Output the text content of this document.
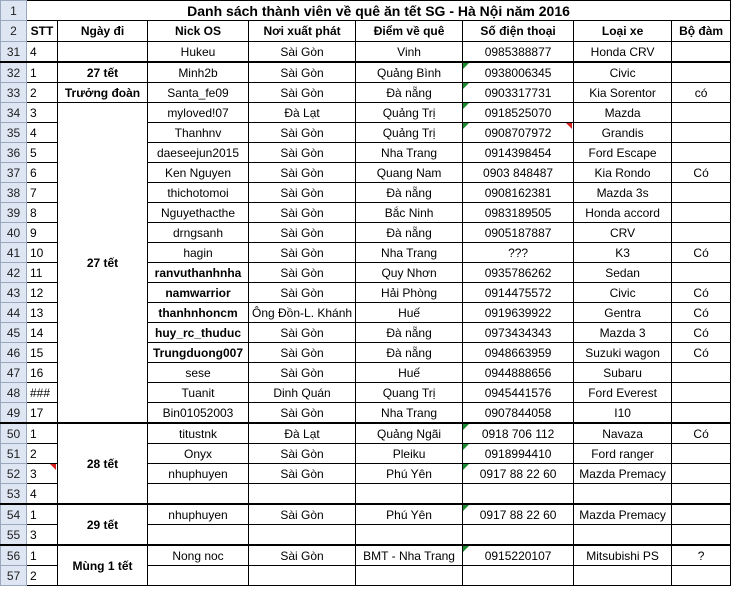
1	Danh sách thành viên về quê ăn tết SG - Hà Nội năm 2016							
2	STT	Ngày đi	Nick OS	Nơi xuất phát	Điểm về quê	Số điện thoại	Loại xe	Bộ đàm
31	4		Hukeu	Sài Gòn	Vinh	0985388877	Honda CRV	
32	1	27 tết	Minh2b	Sài Gòn	Quảng Bình	0938006345	Civic	
33	2	Trưởng đoàn	Santa_fe09	Sài Gòn	Đà nẵng	0903317731	Kia Sorentor	có
34	3	27 tết	myloved!07	Đà Lạt	Quảng Trị	0918525070	Mazda	
35	4		Thanhnv	Sài Gòn	Quảng Trị	0908707972	Grandis	
36	5		daeseejun2015	Sài Gòn	Nha Trang	0914398454	Ford Escape	
37	6		Ken Nguyen	Sài Gòn	Quang Nam	0903 848487	Kia Rondo	Có
38	7		thichotomoi	Sài Gòn	Đà nẵng	0908162381	Mazda 3s	
39	8		Nguyethacthe	Sài Gòn	Bắc Ninh	0983189505	Honda accord	
40	9		drngsanh	Sài Gòn	Đà nẵng	0905187887	CRV	
41	10		hagin	Sài Gòn	Nha Trang	???	K3	Có
42	11		ranvuthanhnha	Sài Gòn	Quy Nhơn	0935786262	Sedan	
43	12		namwarrior	Sài Gòn	Hải Phòng	0914475572	Civic	Có
44	13		thanhnhoncm	Ông Đồn-L. Khánh	Huế	0919639922	Gentra	Có
45	14		huy_rc_thuduc	Sài Gòn	Đà nẵng	0973434343	Mazda 3	Có
46	15		Trungduong007	Sài Gòn	Đà nẵng	0948663959	Suzuki wagon	Có
47	16		sese	Sài Gòn	Huế	0944888656	Subaru	
48	###		Tuanit	Dinh Quán	Quang Trị	0945441576	Ford Everest	
49	17		Bin01052003	Sài Gòn	Nha Trang	0907844058	I10	
50	1	28 tết	titustnk	Đà Lạt	Quảng Ngãi	0918 706 112	Navaza	Có
51	2		Onyx	Sài Gòn	Pleiku	0918994410	Ford ranger	
52	3		nhuphuyen	Sài Gòn	Phú Yên	0917 88 22 60	Mazda Premacy	
53	4							
54	1	29 tết	nhuphuyen	Sài Gòn	Phú Yên	0917 88 22 60	Mazda Premacy	
55	3							
56	1	Mùng 1 tết	Nong noc	Sài Gòn	BMT - Nha Trang	0915220107	Mitsubishi PS	?
57	2							
